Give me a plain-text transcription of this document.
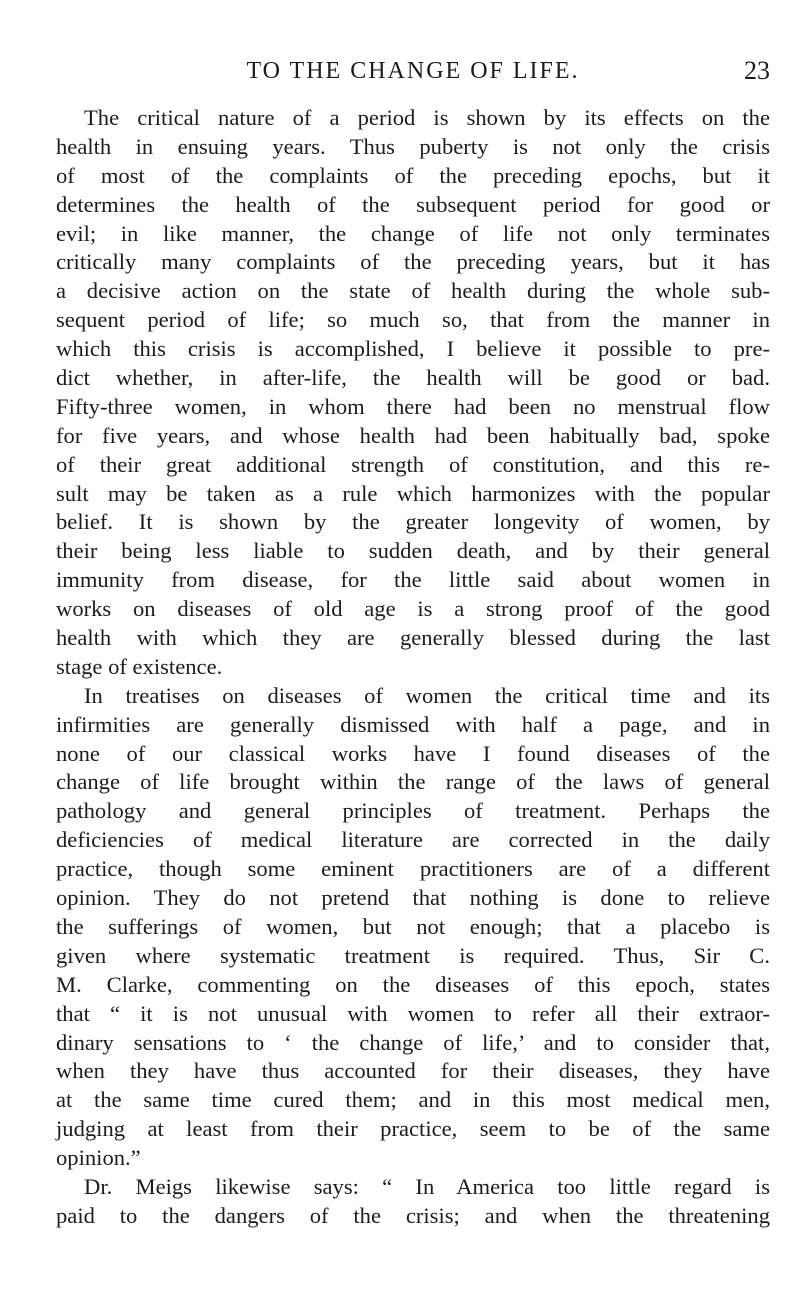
TO THE CHANGE OF LIFE.	23
The critical nature of a period is shown by its effects on the
health in ensuing years. Thus puberty is not only the crisis
of most of the complaints of the preceding epochs, but it
determines the health of the subsequent period for good or
evil; in like manner, the change of life not only terminates
critically many complaints of the preceding years, but it has
a decisive action on the state of health during the whole sub-
sequent period of life; so much so, that from the manner in
which this crisis is accomplished, I believe it possible to pre-
dict whether, in after-life, the health will be good or bad.
Fifty-three women, in whom there had been no menstrual flow
for five years, and whose health had been habitually bad, spoke
of their great additional strength of constitution, and this re-
sult may be taken as a rule which harmonizes with the popular
belief. It is shown by the greater longevity of women, by
their being less liable to sudden death, and by their general
immunity from disease, for the little said about women in
works on diseases of old age is a strong proof of the good
health with which they are generally blessed during the last
stage of existence.
In treatises on diseases of women the critical time and its
infirmities are generally dismissed with half a page, and in
none of our classical works have I found diseases of the
change of life brought within the range of the laws of general
pathology and general principles of treatment. Perhaps the
deficiencies of medical literature are corrected in the daily
practice, though some eminent practitioners are of a different
opinion. They do not pretend that nothing is done to relieve
the sufferings of women, but not enough; that a placebo is
given where systematic treatment is required. Thus, Sir C.
M. Clarke, commenting on the diseases of this epoch, states
that “ it is not unusual with women to refer all their extraor-
dinary sensations to ‘ the change of life,’ and to consider that,
when they have thus accounted for their diseases, they have
at the same time cured them; and in this most medical men,
judging at least from their practice, seem to be of the same
opinion.”
Dr. Meigs likewise says: “ In America too little regard is
paid to the dangers of the crisis; and when the threatening
